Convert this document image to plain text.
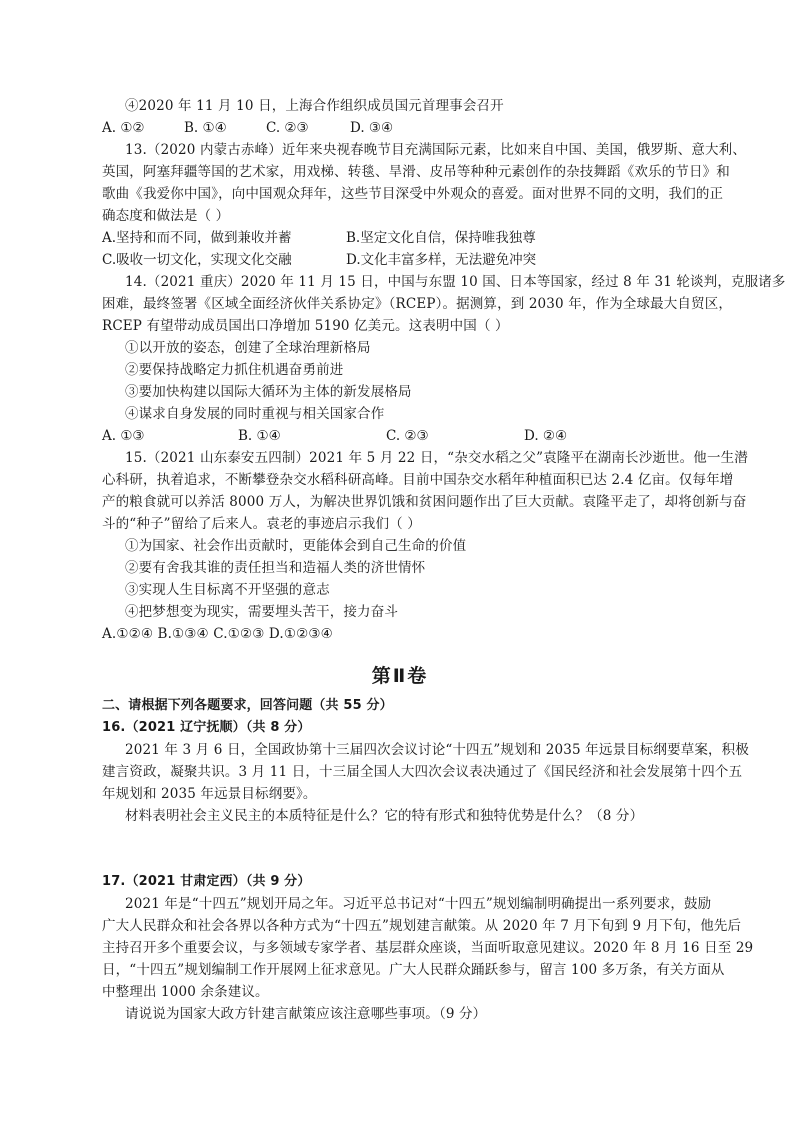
④2020 年 11 月 10 日，上海合作组织成员国元首理事会召开
A. ①②	B. ①④	C. ②③	D. ③④
13.（2020 内蒙古赤峰）近年来央视春晚节目充满国际元素，比如来自中国、美国，俄罗斯、意大利、
英国，阿塞拜疆等国的艺术家，用戏梯、转毯、旱滑、皮吊等种种元素创作的杂技舞蹈《欢乐的节日》和
歌曲《我爱你中国》，向中国观众拜年，这些节目深受中外观众的喜爱。面对世界不同的文明，我们的正
确态度和做法是（ ）
A.坚持和而不同，做到兼收并蓄	B.坚定文化自信，保持唯我独尊
C.吸收一切文化，实现文化交融	D.文化丰富多样，无法避免冲突
14.（2021 重庆）2020 年 11 月 15 日，中国与东盟 10 国、日本等国家，经过 8 年 31 轮谈判，克服诸多
困难，最终签署《区域全面经济伙伴关系协定》（RCEP）。据测算，到 2030 年，作为全球最大自贸区，
RCEP 有望带动成员国出口净增加 5190 亿美元。这表明中国（ ）
①以开放的姿态，创建了全球治理新格局
②要保持战略定力抓住机遇奋勇前进
③要加快构建以国际大循环为主体的新发展格局
④谋求自身发展的同时重视与相关国家合作
A. ①③	B. ①④	C. ②③	D. ②④
15.（2021 山东泰安五四制）2021 年 5 月 22 日，“杂交水稻之父”袁隆平在湖南长沙逝世。他一生潜
心科研，执着追求，不断攀登杂交水稻科研高峰。目前中国杂交水稻年种植面积已达 2.4 亿亩。仅每年增
产的粮食就可以养活 8000 万人，为解决世界饥饿和贫困问题作出了巨大贡献。袁隆平走了，却将创新与奋
斗的“种子”留给了后来人。袁老的事迹启示我们（ ）
①为国家、社会作出贡献时，更能体会到自己生命的价值
②要有舍我其谁的责任担当和造福人类的济世情怀
③实现人生目标离不开坚强的意志
④把梦想变为现实，需要埋头苦干，接力奋斗
A.①②④ B.①③④ C.①②③ D.①②③④
第Ⅱ卷
二、请根据下列各题要求，回答问题（共 55 分）
16.（2021 辽宁抚顺）（共 8 分）
2021 年 3 月 6 日，全国政协第十三届四次会议讨论“十四五”规划和 2035 年远景目标纲要草案，积极
建言资政，凝聚共识。3 月 11 日，十三届全国人大四次会议表决通过了《国民经济和社会发展第十四个五
年规划和 2035 年远景目标纲要》。
材料表明社会主义民主的本质特征是什么？它的特有形式和独特优势是什么？（8 分）
17.（2021 甘肃定西）（共 9 分）
2021 年是“十四五”规划开局之年。习近平总书记对“十四五”规划编制明确提出一系列要求，鼓励
广大人民群众和社会各界以各种方式为“十四五”规划建言献策。从 2020 年 7 月下旬到 9 月下旬，他先后
主持召开多个重要会议，与多领域专家学者、基层群众座谈，当面听取意见建议。2020 年 8 月 16 日至 29
日，“十四五”规划编制工作开展网上征求意见。广大人民群众踊跃参与，留言 100 多万条，有关方面从
中整理出 1000 余条建议。
请说说为国家大政方针建言献策应该注意哪些事项。（9 分）
